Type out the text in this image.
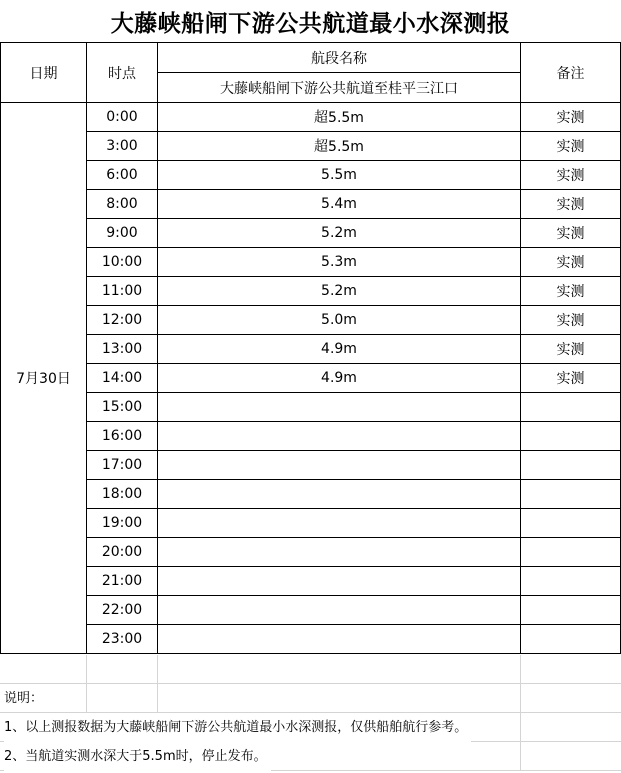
大藤峡船闸下游公共航道最小水深测报
日期	时点	航段名称	备注
		大藤峡船闸下游公共航道至桂平三江口	
7月30日	0:00	超5.5m	实测
	3:00	超5.5m	实测
	6:00	5.5m	实测
	8:00	5.4m	实测
	9:00	5.2m	实测
	10:00	5.3m	实测
	11:00	5.2m	实测
	12:00	5.0m	实测
	13:00	4.9m	实测
	14:00	4.9m	实测
	15:00		
	16:00		
	17:00		
	18:00		
	19:00		
	20:00		
	21:00		
	22:00		
	23:00		
说明：
1、以上测报数据为大藤峡船闸下游公共航道最小水深测报，仅供船舶航行参考。
2、当航道实测水深大于5.5m时，停止发布。
